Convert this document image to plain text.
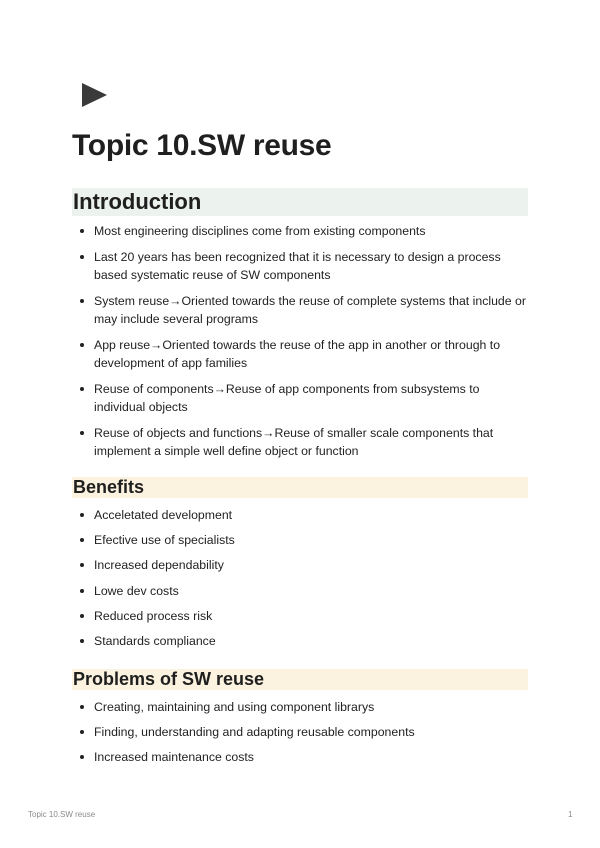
Topic 10.SW reuse
Introduction
Most engineering disciplines come from existing components
Last 20 years has been recognized that it is necessary to design a process based systematic reuse of SW components
System reuse→Oriented towards the reuse of complete systems that include or may include several programs
App reuse→Oriented towards the reuse of the app in another or through to development of app families
Reuse of components→Reuse of app components from subsystems to individual objects
Reuse of objects and functions→Reuse of smaller scale components that implement a simple well define object or function
Benefits
Acceletated development
Efective use of specialists
Increased dependability
Lowe dev costs
Reduced process risk
Standards compliance
Problems of SW reuse
Creating, maintaining and using component librarys
Finding, understanding and adapting reusable components
Increased maintenance costs
Topic 10.SW reuse	1
